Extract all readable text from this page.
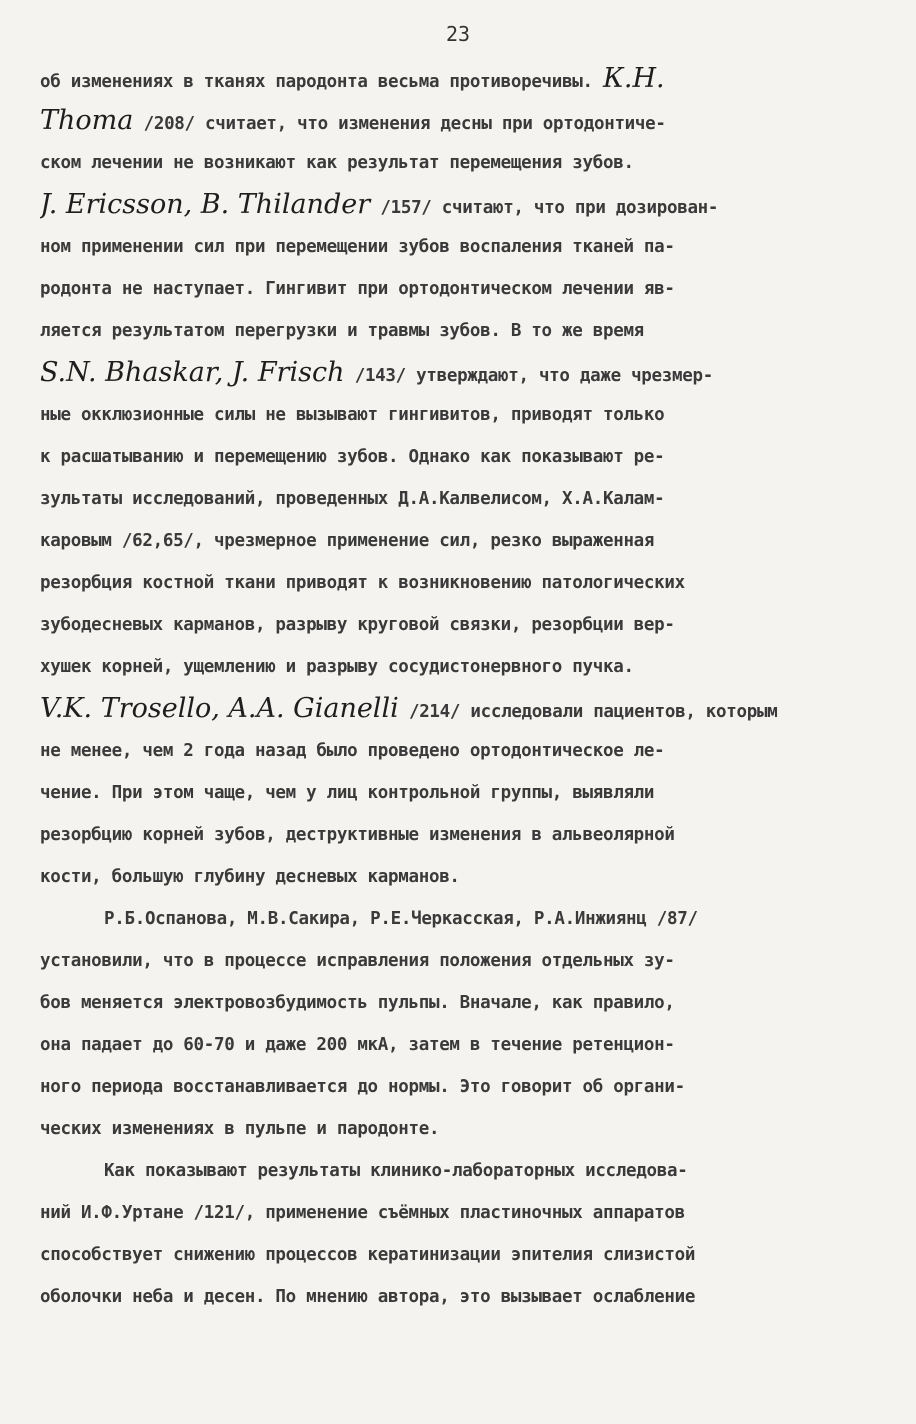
23
об изменениях в тканях пародонта весьма противоречивы. К.Н.
Thoma /208/ считает, что изменения десны при ортодонтиче-
ском лечении не возникают как результат перемещения зубов.
J. Ericsson, B. Thilander /157/ считают, что при дозирован-
ном применении сил при перемещении зубов воспаления тканей па-
родонта не наступает. Гингивит при ортодонтическом лечении яв-
ляется результатом перегрузки и травмы зубов. В то же время
S.N. Bhaskar, J. Frisch /143/ утверждают, что даже чрезмер-
ные окклюзионные силы не вызывают гингивитов, приводят только
к расшатыванию и перемещению зубов. Однако как показывают ре-
зультаты исследований, проведенных Д.А.Калвелисом, Х.А.Калам-
каровым /62,65/, чрезмерное применение сил, резко выраженная
резорбция костной ткани приводят к возникновению патологических
зубодесневых карманов, разрыву круговой связки, резорбции вер-
хушек корней, ущемлению и разрыву сосудистонервного пучка.
V.K. Trosello, A.A. Gianelli /214/ исследовали пациентов, которым
не менее, чем 2 года назад было проведено ортодонтическое ле-
чение. При этом чаще, чем у лиц контрольной группы, выявляли
резорбцию корней зубов, деструктивные изменения в альвеолярной
кости, большую глубину десневых карманов.
Р.Б.Оспанова, М.В.Сакира, Р.Е.Черкасская, Р.А.Инжиянц /87/
установили, что в процессе исправления положения отдельных зу-
бов меняется электровозбудимость пульпы. Вначале, как правило,
она падает до 60-70 и даже 200 мкА, затем в течение ретенцион-
ного периода восстанавливается до нормы. Это говорит об органи-
ческих изменениях в пульпе и пародонте.
Как показывают результаты клинико-лабораторных исследова-
ний И.Ф.Уртане /121/, применение съёмных пластиночных аппаратов
способствует снижению процессов кератинизации эпителия слизистой
оболочки неба и десен. По мнению автора, это вызывает ослабление
